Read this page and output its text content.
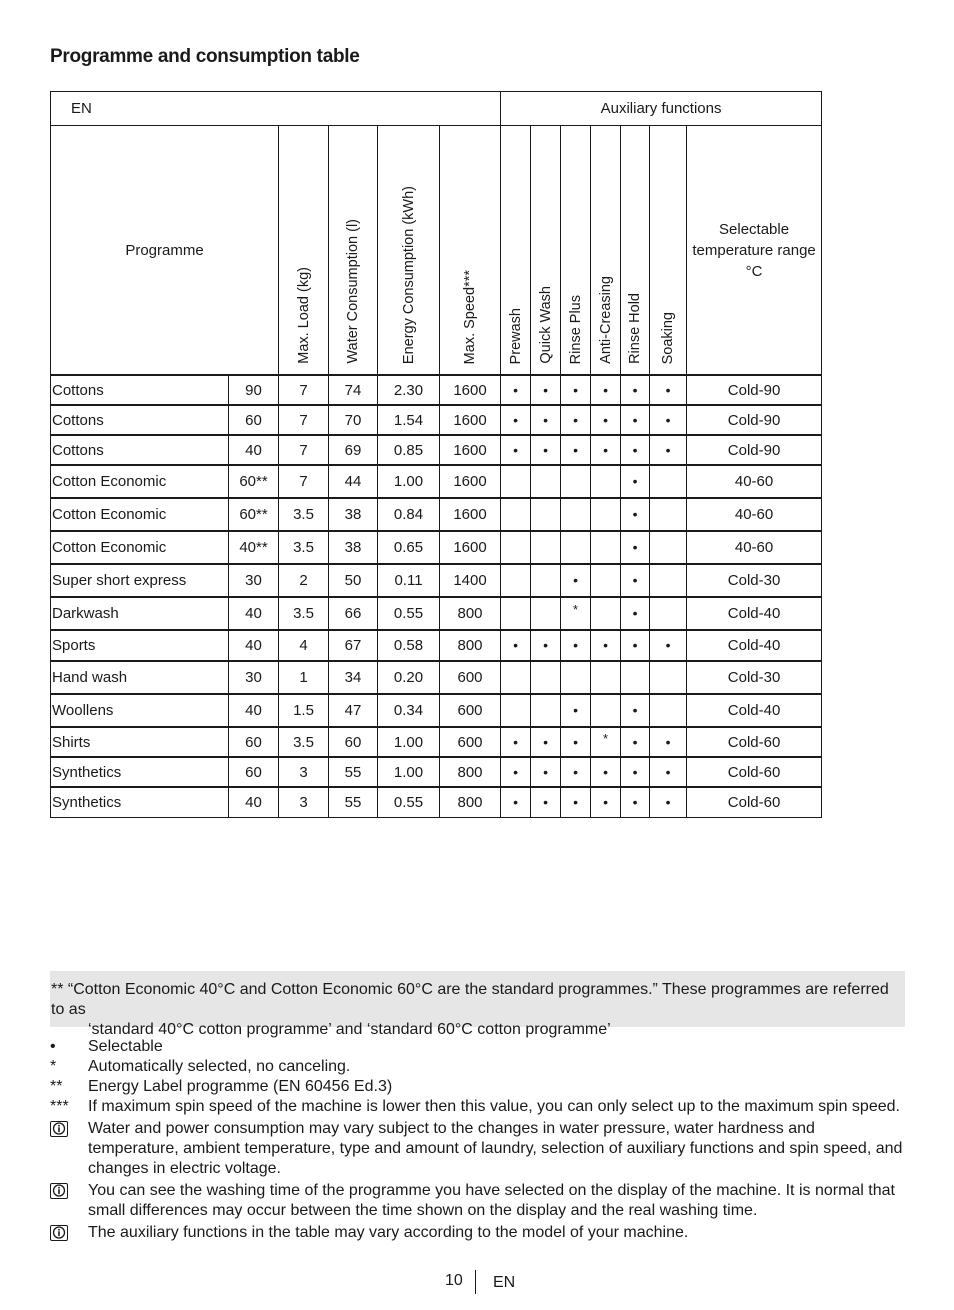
Programme and consumption table
EN						Auxiliary functions						
Programme		Max. Load (kg)	Water Consumption (l)	Energy Consumption (kWh)	Max. Speed***	Prewash	Quick Wash	Rinse Plus	Anti-Creasing	Rinse Hold	Soaking	Selectable temperature range °C
Cottons	90	7	74	2.30	1600	•	•	•	•	•	•	Cold-90
Cottons	60	7	70	1.54	1600	•	•	•	•	•	•	Cold-90
Cottons	40	7	69	0.85	1600	•	•	•	•	•	•	Cold-90
Cotton Economic	60**	7	44	1.00	1600					•		40-60
Cotton Economic	60**	3.5	38	0.84	1600					•		40-60
Cotton Economic	40**	3.5	38	0.65	1600					•		40-60
Super short express	30	2	50	0.11	1400			•		•		Cold-30
Darkwash	40	3.5	66	0.55	800			*		•		Cold-40
Sports	40	4	67	0.58	800	•	•	•	•	•	•	Cold-40
Hand wash	30	1	34	0.20	600							Cold-30
Woollens	40	1.5	47	0.34	600			•		•		Cold-40
Shirts	60	3.5	60	1.00	600	•	•	•	*	•	•	Cold-60
Synthetics	60	3	55	1.00	800	•	•	•	•	•	•	Cold-60
Synthetics	40	3	55	0.55	800	•	•	•	•	•	•	Cold-60
** “Cotton Economic 40°C and Cotton Economic 60°C are the standard programmes.” These programmes are referred to as
‘standard 40°C cotton programme’ and ‘standard 60°C cotton programme’
•	Selectable
*	Automatically selected, no canceling.
**	Energy Label programme (EN 60456 Ed.3)
***	If maximum spin speed of the machine is lower then this value, you can only select up to the maximum spin speed.
Water and power consumption may vary subject to the changes in water pressure, water hardness and temperature, ambient temperature, type and amount of laundry, selection of auxiliary functions and spin speed, and changes in electric voltage.
You can see the washing time of the programme you have selected on the display of the machine. It is normal that small differences may occur between the time shown on the display and the real washing time.
The auxiliary functions in the table may vary according to the model of your machine.
10 EN
